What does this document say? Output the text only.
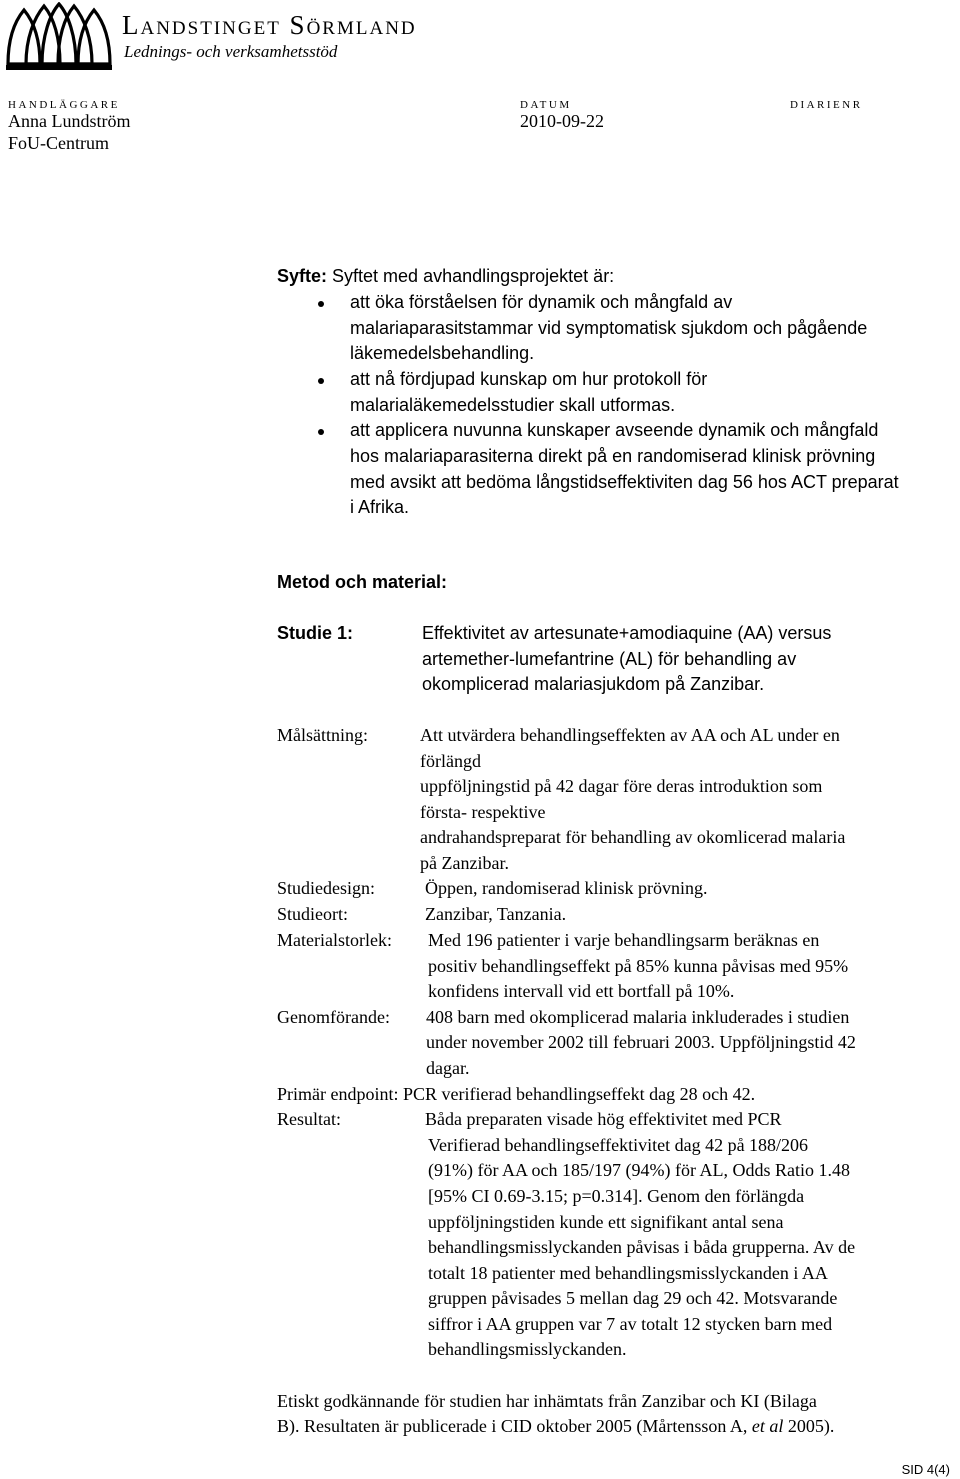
Landstinget Sörmland
Lednings- och verksamhetsstöd
HANDLÄGGARE	DATUM	DIARIENR
Anna Lundström	2010-09-22
FoU-Centrum
Syfte: Syftet med avhandlingsprojektet är:
att öka förståelsen för dynamik och mångfald av
malariaparasitstammar vid symptomatisk sjukdom och pågående
läkemedelsbehandling.
att nå fördjupad kunskap om hur protokoll för
malarialäkemedelsstudier skall utformas.
att applicera nuvunna kunskaper avseende dynamik och mångfald
hos malariaparasiterna direkt på en randomiserad klinisk prövning
med avsikt att bedöma långstidseffektiviten dag 56 hos ACT preparat
i Afrika.
Metod och material:
Studie 1:	Effektivitet av artesunate+amodiaquine (AA) versus
artemether-lumefantrine (AL) för behandling av
okomplicerad malariasjukdom på Zanzibar.
Målsättning:	Att utvärdera behandlingseffekten av AA och AL under en
förlängd
uppföljningstid på 42 dagar före deras introduktion som
första- respektive
andrahandspreparat för behandling av okomlicerad malaria
på Zanzibar.
Studiedesign:	Öppen, randomiserad klinisk prövning.
Studieort:	Zanzibar, Tanzania.
Materialstorlek: Med 196 patienter i varje behandlingsarm beräknas en
positiv behandlingseffekt på 85% kunna påvisas med 95%
konfidens intervall vid ett bortfall på 10%.
Genomförande: 408 barn med okomplicerad malaria inkluderades i studien
under november 2002 till februari 2003. Uppföljningstid 42
dagar.
Primär endpoint: PCR verifierad behandlingseffekt dag 28 och 42.
Resultat:	Båda preparaten visade hög effektivitet med PCR
Verifierad behandlingseffektivitet dag 42 på 188/206
(91%) för AA och 185/197 (94%) för AL, Odds Ratio 1.48
[95% CI 0.69-3.15; p=0.314]. Genom den förlängda
uppföljningstiden kunde ett signifikant antal sena
behandlingsmisslyckanden påvisas i båda grupperna. Av de
totalt 18 patienter med behandlingsmisslyckanden i AA
gruppen påvisades 5 mellan dag 29 och 42. Motsvarande
siffror i AA gruppen var 7 av totalt 12 stycken barn med
behandlingsmisslyckanden.
Etiskt godkännande för studien har inhämtats från Zanzibar och KI (Bilaga
B). Resultaten är publicerade i CID oktober 2005 (Mårtensson A, et al 2005).
SID 4(4)
